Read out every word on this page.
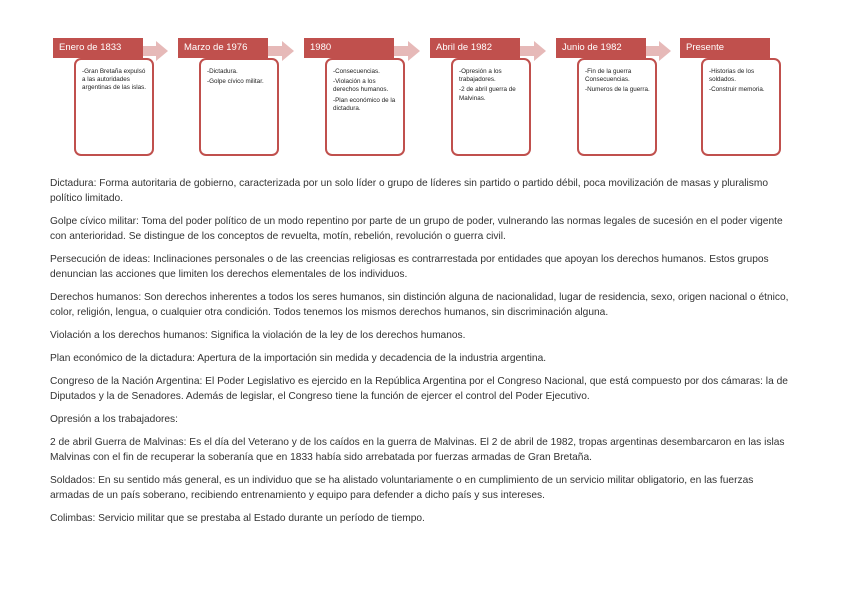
Enero de 1833
-Gran Bretaña expulsó a las autoridades argentinas de las islas.
Marzo de 1976
-Dictadura.
-Golpe cívico militar.
1980
-Consecuencias.
-Violación a los derechos humanos.
-Plan económico de la dictadura.
Abril de 1982
-Opresión a los trabajadores.
-2 de abril guerra de Malvinas.
Junio de 1982
-Fin de la guerra Consecuencias.
-Numeros de la guerra.
Presente
-Historias de los soldados.
-Construir memoria.

Dictadura: Forma autoritaria de gobierno, caracterizada por un solo líder o grupo de líderes sin partido o partido débil, poca movilización de masas y pluralismo político limitado.

Golpe cívico militar: Toma del poder político de un modo repentino por parte de un grupo de poder, vulnerando las normas legales de sucesión en el poder vigente con anterioridad. Se distingue de los conceptos de revuelta, motín, rebelión, revolución o guerra civil.

Persecución de ideas: Inclinaciones personales o de las creencias religiosas es contrarrestada por entidades que apoyan los derechos humanos. Estos grupos denuncian las acciones que limiten los derechos elementales de los individuos.

Derechos humanos: Son derechos inherentes a todos los seres humanos, sin distinción alguna de nacionalidad, lugar de residencia, sexo, origen nacional o étnico, color, religión, lengua, o cualquier otra condición. Todos tenemos los mismos derechos humanos, sin discriminación alguna.

Violación a los derechos humanos: Significa la violación de la ley de los derechos humanos.

Plan económico de la dictadura: Apertura de la importación sin medida y decadencia de la industria argentina.

Congreso de la Nación Argentina: El Poder Legislativo es ejercido en la República Argentina por el Congreso Nacional, que está compuesto por dos cámaras: la de Diputados y la de Senadores. Además de legislar, el Congreso tiene la función de ejercer el control del Poder Ejecutivo.

Opresión a los trabajadores:

2 de abril Guerra de Malvinas: Es el día del Veterano y de los caídos en la guerra de Malvinas. El 2 de abril de 1982, tropas argentinas desembarcaron en las islas Malvinas con el fin de recuperar la soberanía que en 1833 había sido arrebatada por fuerzas armadas de Gran Bretaña.

Soldados: En su sentido más general, es un individuo que se ha alistado voluntariamente o en cumplimiento de un servicio militar obligatorio, en las fuerzas armadas de un país soberano, recibiendo entrenamiento y equipo para defender a dicho país y sus intereses.

Colimbas: Servicio militar que se prestaba al Estado durante un período de tiempo.
